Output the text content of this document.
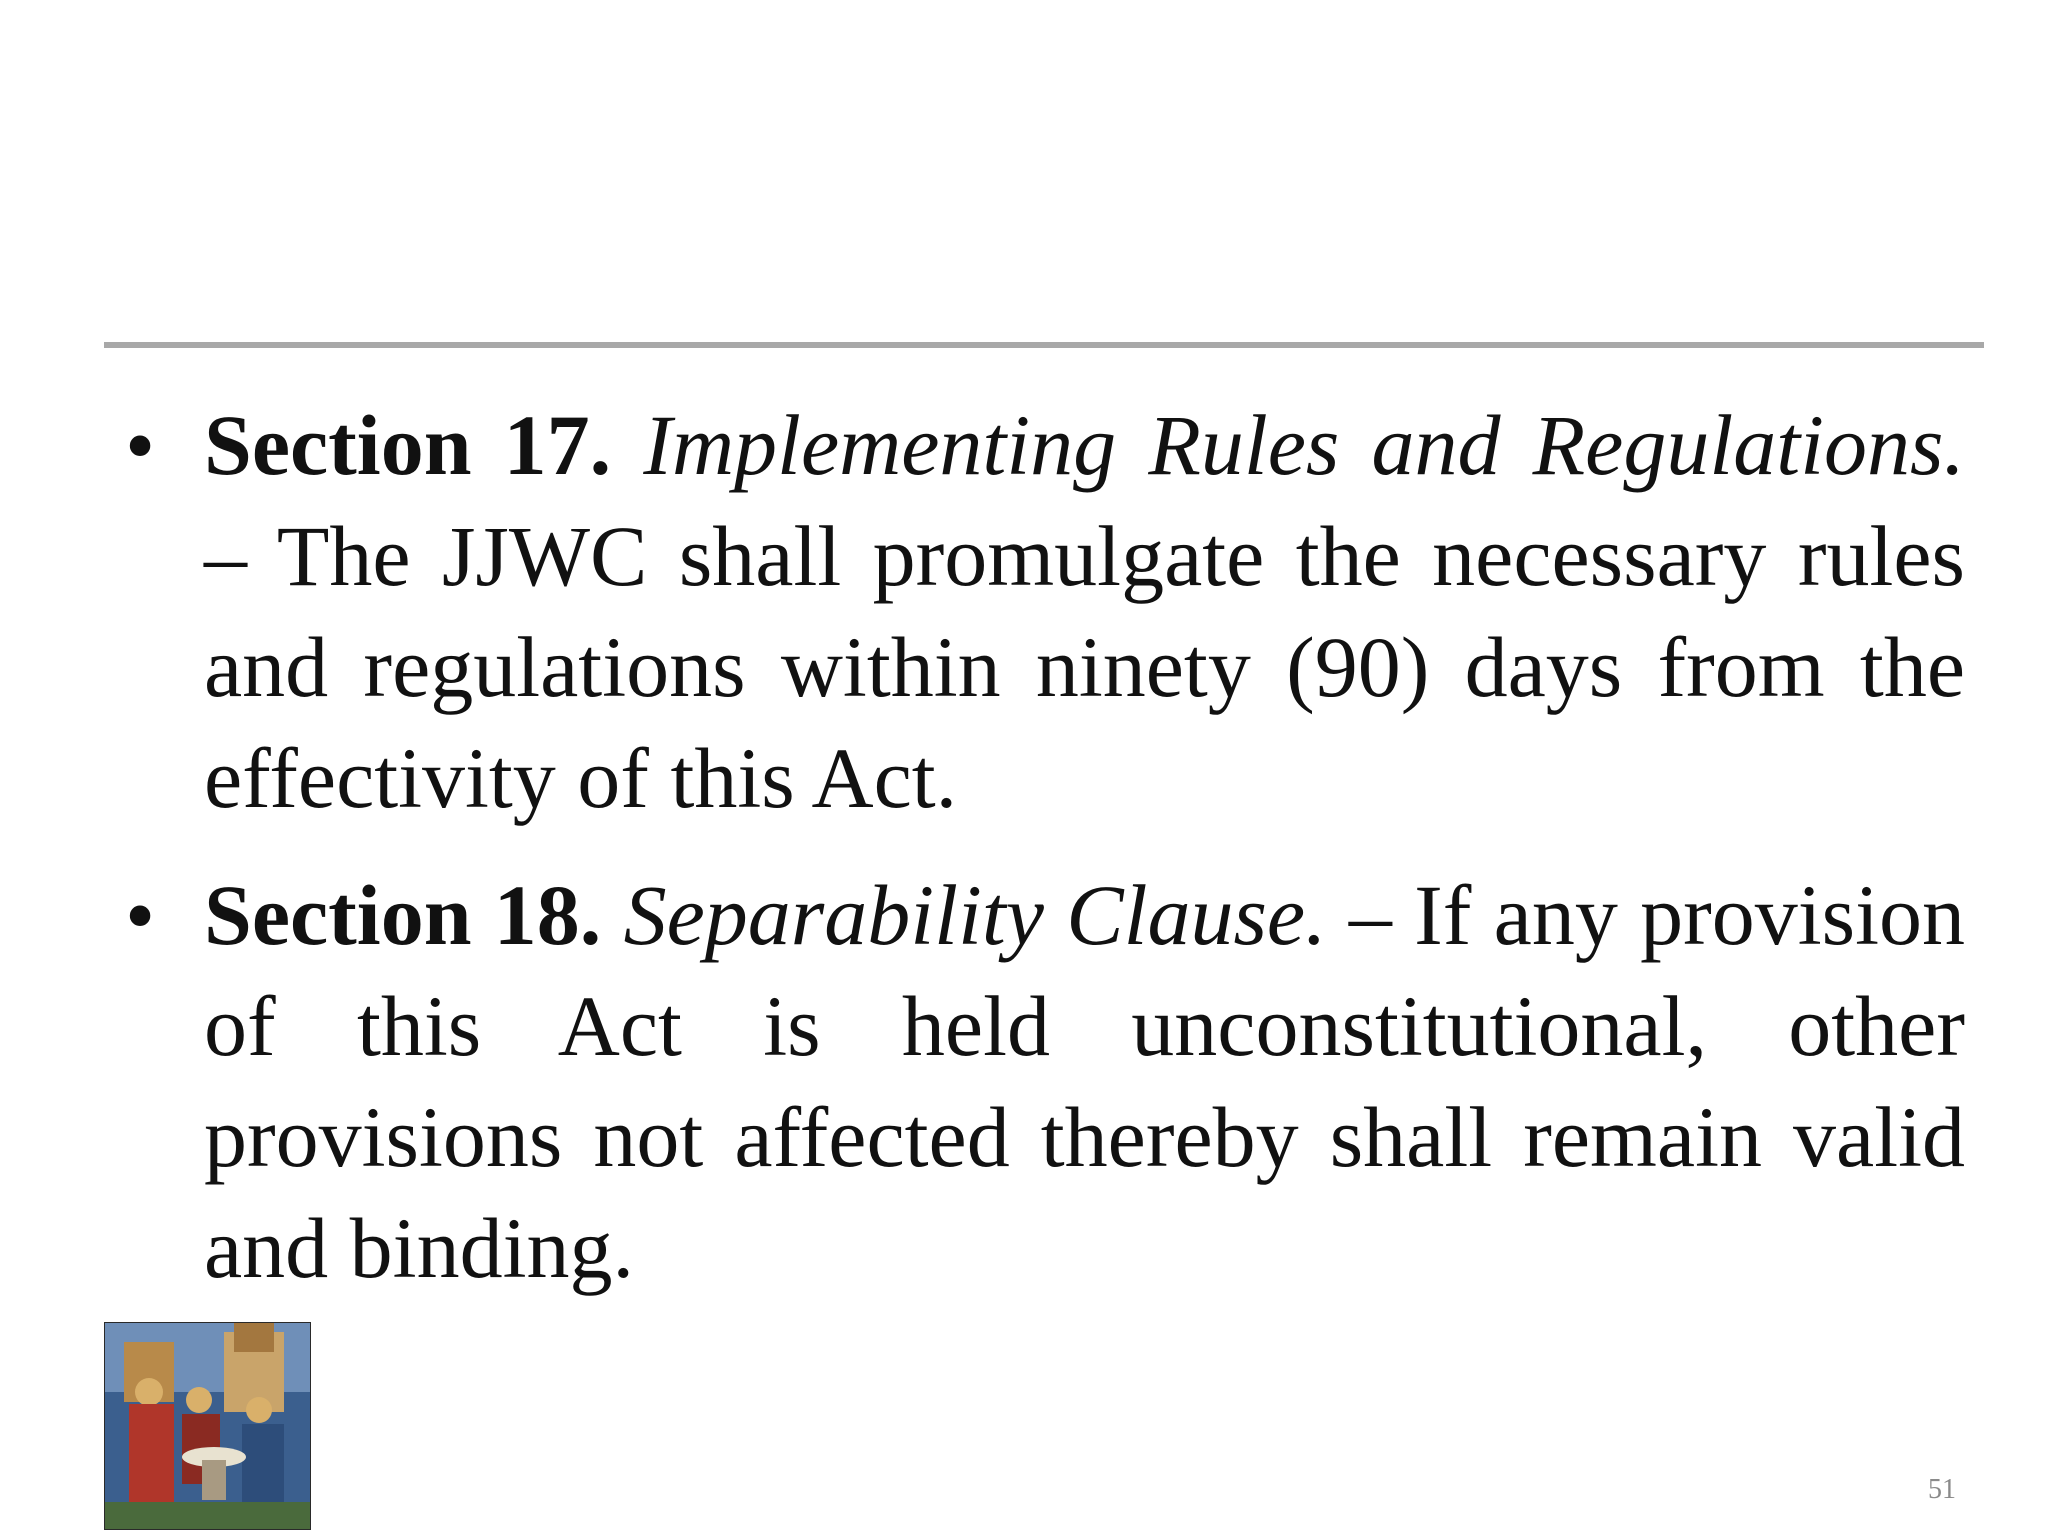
• Section 17. Implementing Rules and Regulations. – The JJWC shall promulgate the necessary rules and regulations within ninety (90) days from the effectivity of this Act.
• Section 18. Separability Clause. – If any provision of this Act is held unconstitutional, other provisions not affected thereby shall remain valid and binding.
51
